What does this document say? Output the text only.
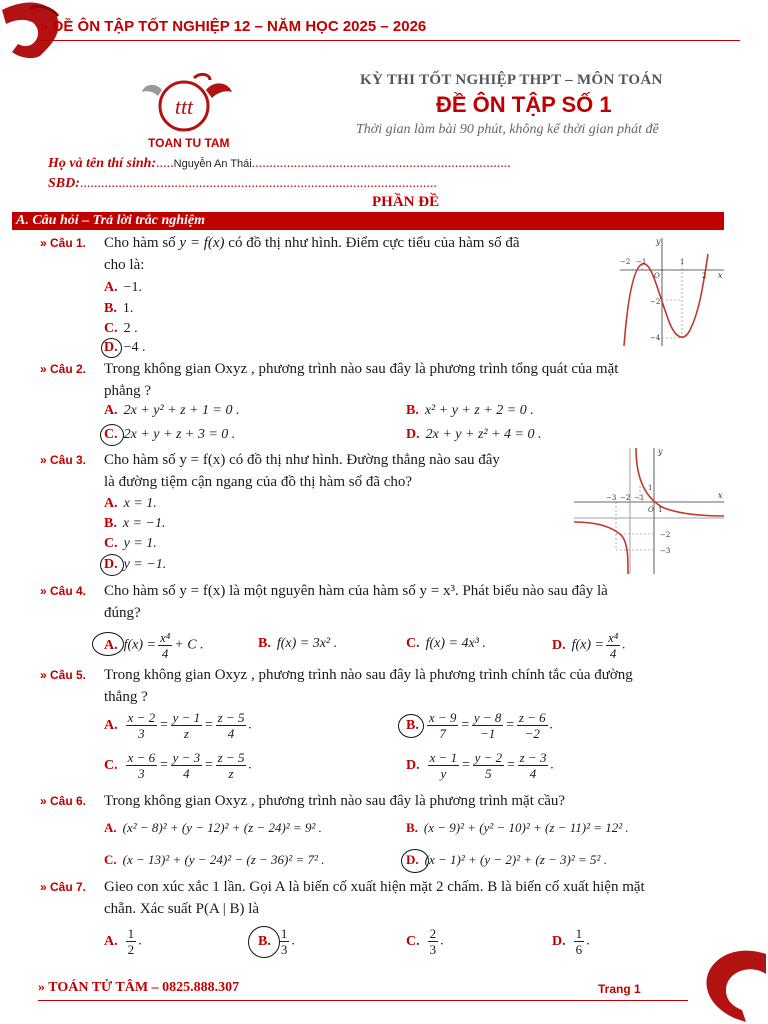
» ĐỀ ÔN TẬP TỐT NGHIỆP 12 – NĂM HỌC 2025 – 2026
ttt
TOAN TU TAM
KỲ THI TỐT NGHIỆP THPT – MÔN TOÁN
ĐỀ ÔN TẬP SỐ 1
Thời gian làm bài 90 phút, không kể thời gian phát đề
Họ và tên thí sinh:.....Nguyễn An Thái..........................................................................
SBD:......................................................................................................
PHẦN ĐỀ
A. Câu hỏi – Trả lời trắc nghiệm
» Câu 1. Cho hàm số y = f(x) có đồ thị như hình. Điểm cực tiểu của hàm số đã
cho là:
A. −1.
B. 1.
C. 2 .
D. −4 .
y
x
−2 −1
O
1
2
−2
−4
» Câu 2. Trong không gian Oxyz , phương trình nào sau đây là phương trình tổng quát của mặt
phẳng ?
A. 2x + y² + z + 1 = 0 .	B. x² + y + z + 2 = 0 .
C. 2x + y + z + 3 = 0 .	D. 2x + y + z² + 4 = 0 .
» Câu 3. Cho hàm số y = f(x) có đồ thị như hình. Đường thẳng nào sau đây
là đường tiệm cận ngang của đồ thị hàm số đã cho?
A. x = 1.
B. x = −1.
C. y = 1.
D. y = −1.
y
x
−3 −2 −1
O 1
1
−2
−3
» Câu 4. Cho hàm số y = f(x) là một nguyên hàm của hàm số y = x³. Phát biểu nào sau đây là
đúng?
A. $f(x) = \frac{\text{x⁴}}{4} + C$ .	B. f(x) = 3x² .	C. f(x) = 4x³ .	D. $f(x) = \frac{\text{x⁴}}{4}$ .
» Câu 5. Trong không gian Oxyz , phương trình nào sau đây là phương trình chính tắc của đường
thẳng ?
A. $\frac{x - 2}{3} = \frac{y - 1}{z} = \frac{z - 5}{4}$ .	B. $\frac{x - 9}{7} = \frac{y - 8}{-1} = \frac{z - 6}{-2}$ .
C. $\frac{x - 6}{3} = \frac{y - 3}{4} = \frac{z - 5}{z}$ .	D. $\frac{x - 1}{y} = \frac{y - 2}{5} = \frac{z - 3}{4}$ .
» Câu 6. Trong không gian Oxyz , phương trình nào sau đây là phương trình mặt cầu?
A. (x² − 8)² + (y − 12)² + (z − 24)² = 9² .	B. (x − 9)² + (y² − 10)² + (z − 11)² = 12² .
C. (x − 13)² + (y − 24)² − (z − 36)² = 7² .	D. (x − 1)² + (y − 2)² + (z − 3)² = 5² .
» Câu 7. Gieo con xúc xắc 1 lần. Gọi A là biến cố xuất hiện mặt 2 chấm. B là biến cố xuất hiện mặt
chẵn. Xác suất P(A | B) là
A. $\frac{1}{2}$ .	B. $\frac{1}{3}$ .	C. $\frac{2}{3}$ .	D. $\frac{1}{6}$ .
» TOÁN TỬ TÂM – 0825.888.307	Trang 1
